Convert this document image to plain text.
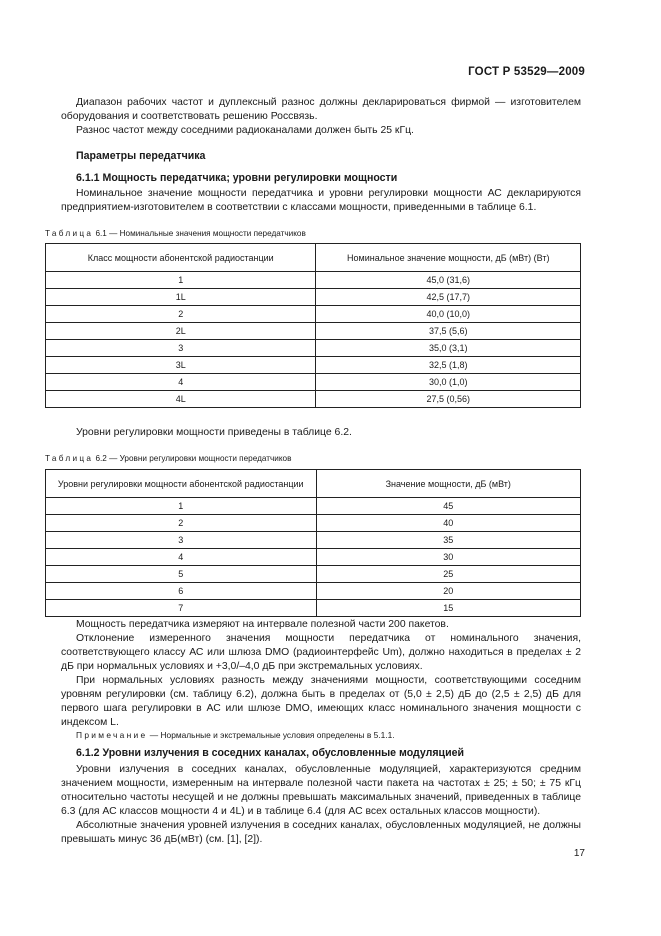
ГОСТ Р 53529—2009

Диапазон рабочих частот и дуплексный разнос должны декларироваться фирмой — изготовителем оборудования и соответствовать решению Россвязь.

Разнос частот между соседними радиоканалами должен быть 25 кГц.

Параметры передатчика
6.1.1 Мощность передатчика; уровни регулировки мощности

Номинальное значение мощности передатчика и уровни регулировки мощности АС декларируются предприятием-изготовителем в соответствии с классами мощности, приведенными в таблице 6.1.

Таблица 6.1 — Номинальные значения мощности передатчиков
Класс мощности абонентской радиостанции	Номинальное значение мощности, дБ (мВт) (Вт)
1	45,0 (31,6)
1L	42,5 (17,7)
2	40,0 (10,0)
2L	37,5 (5,6)
3	35,0 (3,1)
3L	32,5 (1,8)
4	30,0 (1,0)
4L	27,5 (0,56)

Уровни регулировки мощности приведены в таблице 6.2.

Таблица 6.2 — Уровни регулировки мощности передатчиков
Уровни регулировки мощности абонентской радиостанции	Значение мощности, дБ (мВт)
1	45
2	40
3	35
4	30
5	25
6	20
7	15

Мощность передатчика измеряют на интервале полезной части 200 пакетов.

Отклонение измеренного значения мощности передатчика от номинального значения, соответствующего классу АС или шлюза DMO (радиоинтерфейс Um), должно находиться в пределах ± 2 дБ при нормальных условиях и +3,0/–4,0 дБ при экстремальных условиях.

При нормальных условиях разность между значениями мощности, соответствующими соседним уровням регулировки (см. таблицу 6.2), должна быть в пределах от (5,0 ± 2,5) дБ до (2,5 ± 2,5) дБ для первого шага регулировки в АС или шлюзе DMO, имеющих класс номинального значения мощности с индексом L.

Примечание — Нормальные и экстремальные условия определены в 5.1.1.
6.1.2 Уровни излучения в соседних каналах, обусловленные модуляцией

Уровни излучения в соседних каналах, обусловленные модуляцией, характеризуются средним значением мощности, измеренным на интервале полезной части пакета на частотах ± 25; ± 50; ± 75 кГц относительно частоты несущей и не должны превышать максимальных значений, приведенных в таблице 6.3 (для АС классов мощности 4 и 4L) и в таблице 6.4 (для АС всех остальных классов мощности).

Абсолютные значения уровней излучения в соседних каналах, обусловленных модуляцией, не должны превышать минус 36 дБ(мВт) (см. [1], [2]).

17
